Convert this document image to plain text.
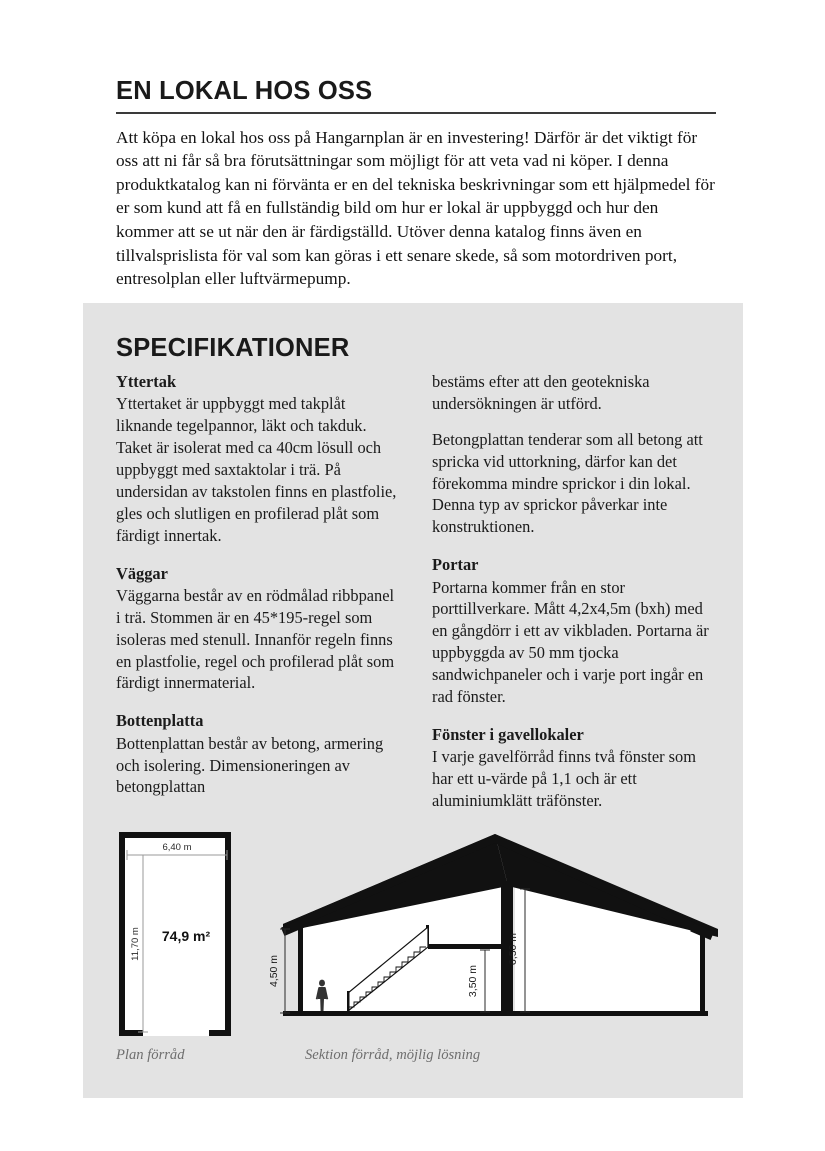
EN LOKAL HOS OSS

Att köpa en lokal hos oss på Hangarnplan är en investering! Därför är det viktigt för oss att ni får så bra förutsättningar som möjligt för att veta vad ni köper. I denna produktkatalog kan ni förvänta er en del tekniska beskrivningar som ett hjälpmedel för er som kund att få en fullständig bild om hur er lokal är uppbyggd och hur den kommer att se ut när den är färdigställd. Utöver denna katalog finns även en tillvalsprislista för val som kan göras i ett senare skede, så som motordriven port, entresolplan eller luftvärmepump.

SPECIFIKATIONER

Yttertak

Yttertaket är uppbyggt med takplåt liknande tegelpannor, läkt och takduk. Taket är isolerat med ca 40cm lösull och uppbyggt med saxtaktolar i trä. På undersidan av takstolen finns en plastfolie, gles och slutligen en profilerad plåt som färdigt innertak.

Väggar

Väggarna består av en rödmålad ribbpanel i trä. Stommen är en 45*195-regel som isoleras med stenull. Innanför regeln finns en plastfolie, regel och profilerad plåt som färdigt innermaterial.

Bottenplatta

Bottenplattan består av betong, armering och isolering. Dimensioneringen av betongplattan

bestäms efter att den geotekniska undersökningen är utförd.

Betongplattan tenderar som all betong att spricka vid uttorkning, därfor kan det förekomma mindre sprickor i din lokal. Denna typ av sprickor påverkar inte konstruktionen.

Portar

Portarna kommer från en stor porttillverkare. Mått 4,2x4,5m (bxh) med en gångdörr i ett av vikbladen. Portarna är uppbyggda av 50 mm tjocka sandwichpaneler och i varje port ingår en rad fönster.

Fönster i gavellokaler

I varje gavelförråd finns två fönster som har ett u-värde på 1,1 och är ett aluminiumklätt träfönster.

6,40 m
11,70 m 74,9 m²
4,50 m	3,50 m
6,50 m
Plan förråd	Sektion förråd, möjlig lösning
